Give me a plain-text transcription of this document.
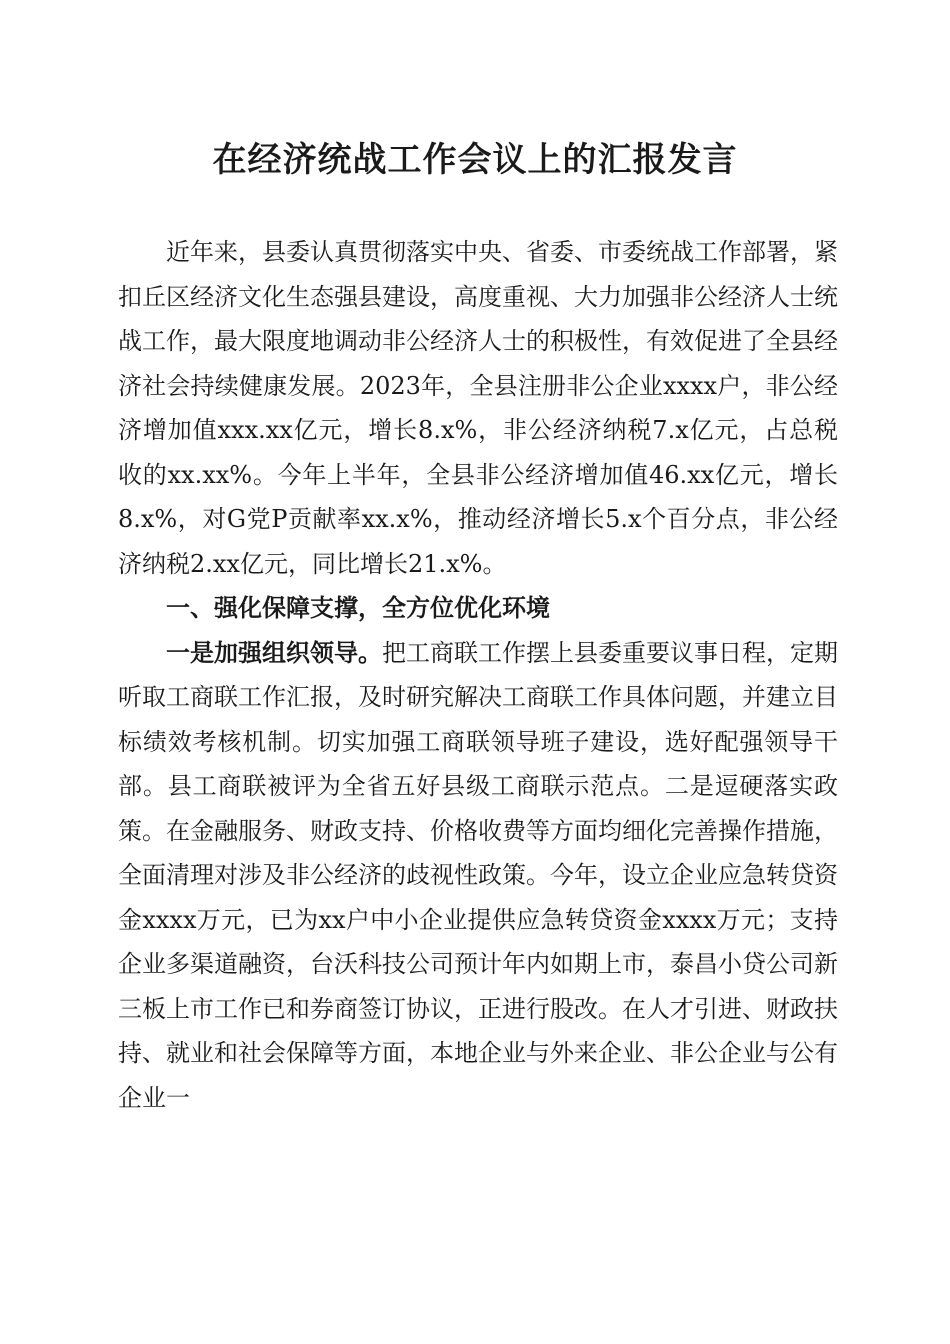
在经济统战工作会议上的汇报发言

近年来，县委认真贯彻落实中央、省委、市委统战工作部署，紧扣丘区经济文化生态强县建设，高度重视、大力加强非公经济人士统战工作，最大限度地调动非公经济人士的积极性，有效促进了全县经济社会持续健康发展。2023年，全县注册非公企业xxxx户，非公经济增加值xxx.xx亿元，增长8.x%，非公经济纳税7.x亿元，占总税收的xx.xx%。今年上半年，全县非公经济增加值46.xx亿元，增长8.x%，对G党P贡献率xx.x%，推动经济增长5.x个百分点，非公经济纳税2.xx亿元，同比增长21.x%。

一、强化保障支撑，全方位优化环境

一是加强组织领导。把工商联工作摆上县委重要议事日程，定期听取工商联工作汇报，及时研究解决工商联工作具体问题，并建立目标绩效考核机制。切实加强工商联领导班子建设，选好配强领导干部。县工商联被评为全省五好县级工商联示范点。二是逗硬落实政策。在金融服务、财政支持、价格收费等方面均细化完善操作措施，全面清理对涉及非公经济的歧视性政策。今年，设立企业应急转贷资金xxxx万元，已为xx户中小企业提供应急转贷资金xxxx万元；支持企业多渠道融资，台沃科技公司预计年内如期上市，泰昌小贷公司新三板上市工作已和券商签订协议，正进行股改。在人才引进、财政扶持、就业和社会保障等方面，本地企业与外来企业、非公企业与公有企业一
